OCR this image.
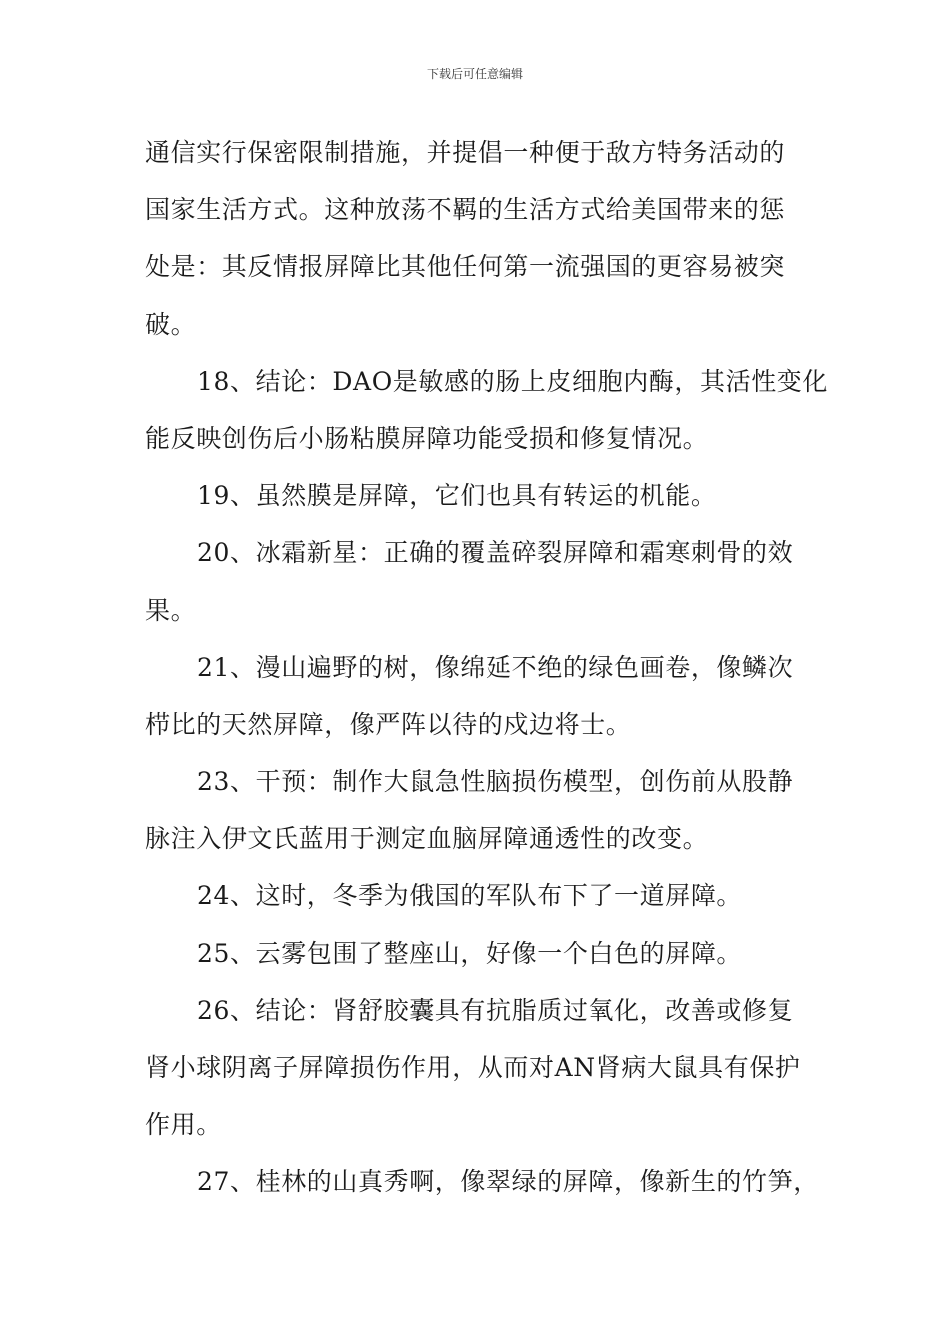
下载后可任意编辑
通信实行保密限制措施，并提倡一种便于敌方特务活动的
国家生活方式。这种放荡不羁的生活方式给美国带来的惩
处是：其反情报屏障比其他任何第一流强国的更容易被突
破。
18、结论：DAO是敏感的肠上皮细胞内酶，其活性变化
能反映创伤后小肠粘膜屏障功能受损和修复情况。
19、虽然膜是屏障，它们也具有转运的机能。
20、冰霜新星：正确的覆盖碎裂屏障和霜寒刺骨的效
果。
21、漫山遍野的树，像绵延不绝的绿色画卷，像鳞次
栉比的天然屏障，像严阵以待的戍边将士。
23、干预：制作大鼠急性脑损伤模型，创伤前从股静
脉注入伊文氏蓝用于测定血脑屏障通透性的改变。
24、这时，冬季为俄国的军队布下了一道屏障。
25、云雾包围了整座山，好像一个白色的屏障。
26、结论：肾舒胶囊具有抗脂质过氧化，改善或修复
肾小球阴离子屏障损伤作用，从而对AN肾病大鼠具有保护
作用。
27、桂林的山真秀啊，像翠绿的屏障，像新生的竹笋，
